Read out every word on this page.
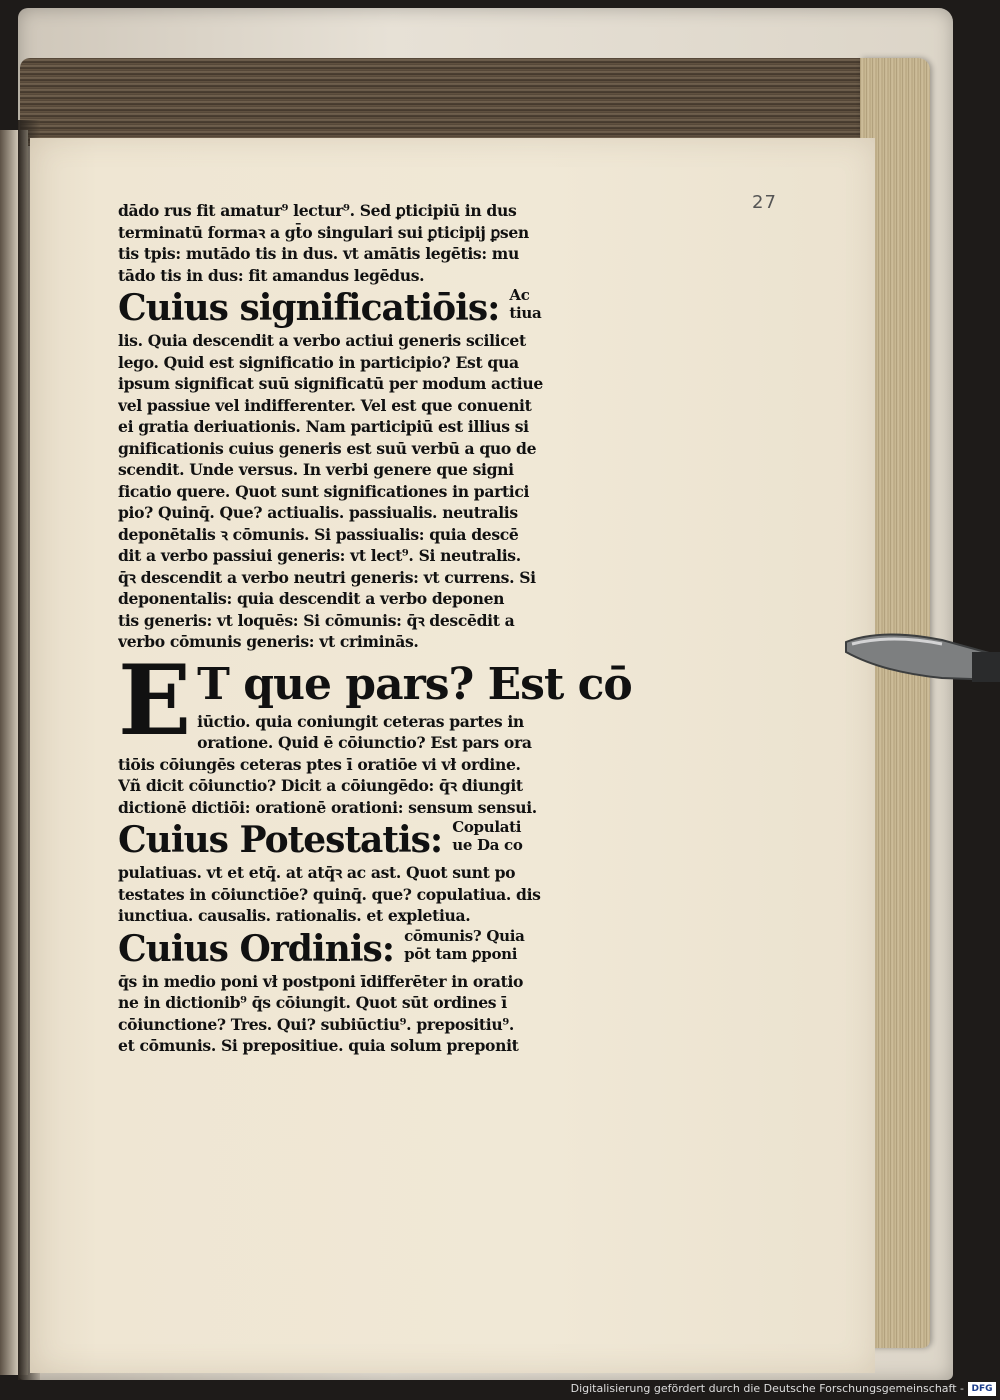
27
dādo rus fit amatur⁹ lectur⁹. Sed ꝑticipiū in dus
terminatū formaꝛ a gt̄o singulari sui ꝑticipij ꝑsen
tis tpis: mutādo tis in dus. vt amātis legētis: mu
tādo tis in dus: fit amandus legēdus.
Cuius significatiōis: Ac
tiua
lis. Quia descendit a verbo actiui generis scilicet
lego. Quid est significatio in participio? Est qua
ipsum significat suū significatū per modum actiue
vel passiue vel indifferenter. Vel est que conuenit
ei gratia deriuationis. Nam participiū est illius si
gnificationis cuius generis est suū verbū a quo de
scendit. Unde versus. In verbi genere que signi
ficatio quere. Quot sunt significationes in partici
pio? Quinq̄. Que? actiualis. passiualis. neutralis
deponētalis ꝛ cōmunis. Si passiualis: quia descē
dit a verbo passiui generis: vt lect⁹. Si neutralis.
q̄ꝛ descendit a verbo neutri generis: vt currens. Si
deponentalis: quia descendit a verbo deponen
tis generis: vt loquēs: Si cōmunis: q̄ꝛ descēdit a
verbo cōmunis generis: vt criminās.
E T que pars? Est cō
iūctio. quia coniungit ceteras partes in
oratione. Quid ē cōiunctio? Est pars ora
tiōis cōiungēs ceteras ptes ī oratiōe vi vł ordine.
Vñ dicit cōiunctio? Dicit a cōiungēdo: q̄ꝛ diungit
dictionē dictiōi: orationē orationi: sensum sensui.
Cuius Potestatis: Copulati
ue Da co
pulatiuas. vt et etq̄. at atq̄ꝛ ac ast. Quot sunt po
testates in cōiunctiōe? quinq̄. que? copulatiua. dis
iunctiua. causalis. rationalis. et expletiua.
Cuius Ordinis: cōmunis? Quia
pōt tam ꝑponi
q̄s in medio poni vł postponi īdifferēter in oratio
ne in dictionib⁹ q̄s cōiungit. Quot sūt ordines ī
cōiunctione? Tres. Qui? subiūctiu⁹. prepositiu⁹.
et cōmunis. Si prepositiue. quia solum preponit
Digitalisierung gefördert durch die Deutsche Forschungsgemeinschaft - DFG
